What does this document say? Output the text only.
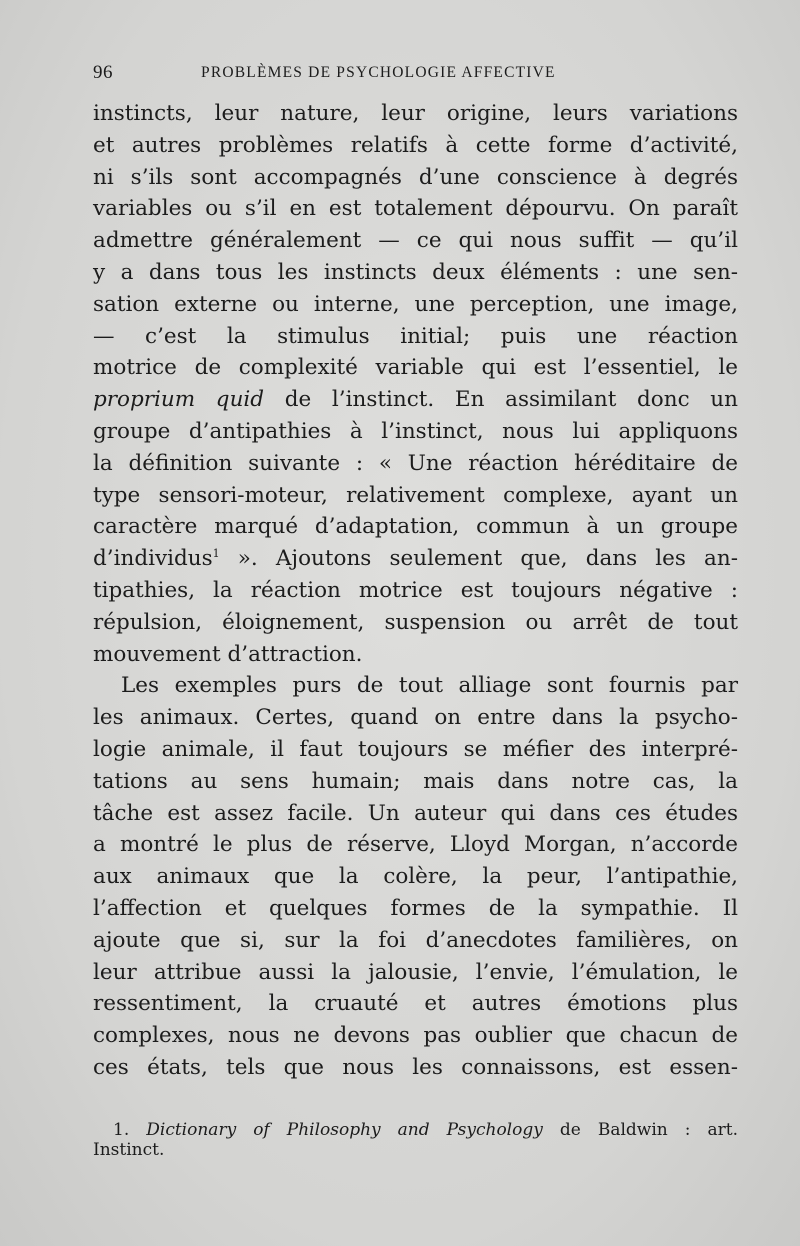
96	PROBLÈMES DE PSYCHOLOGIE AFFECTIVE
instincts, leur nature, leur origine, leurs variations
et autres problèmes relatifs à cette forme d’activité,
ni s’ils sont accompagnés d’une conscience à degrés
variables ou s’il en est totalement dépourvu. On paraît
admettre généralement — ce qui nous suffit — qu’il
y a dans tous les instincts deux éléments : une sen-
sation externe ou interne, une perception, une image,
— c’est la stimulus initial; puis une réaction
motrice de complexité variable qui est l’essentiel, le
proprium quid de l’instinct. En assimilant donc un
groupe d’antipathies à l’instinct, nous lui appliquons
la définition suivante : « Une réaction héréditaire de
type sensori-moteur, relativement complexe, ayant un
caractère marqué d’adaptation, commun à un groupe
d’individus$^1$ ». Ajoutons seulement que, dans les an-
tipathies, la réaction motrice est toujours négative :
répulsion, éloignement, suspension ou arrêt de tout
mouvement d’attraction.
Les exemples purs de tout alliage sont fournis par
les animaux. Certes, quand on entre dans la psycho-
logie animale, il faut toujours se méfier des interpré-
tations au sens humain; mais dans notre cas, la
tâche est assez facile. Un auteur qui dans ces études
a montré le plus de réserve, Lloyd Morgan, n’accorde
aux animaux que la colère, la peur, l’antipathie,
l’affection et quelques formes de la sympathie. Il
ajoute que si, sur la foi d’anecdotes familières, on
leur attribue aussi la jalousie, l’envie, l’émulation, le
ressentiment, la cruauté et autres émotions plus
complexes, nous ne devons pas oublier que chacun de
ces états, tels que nous les connaissons, est essen-
1. Dictionary of Philosophy and Psychology de Baldwin : art.
Instinct.
